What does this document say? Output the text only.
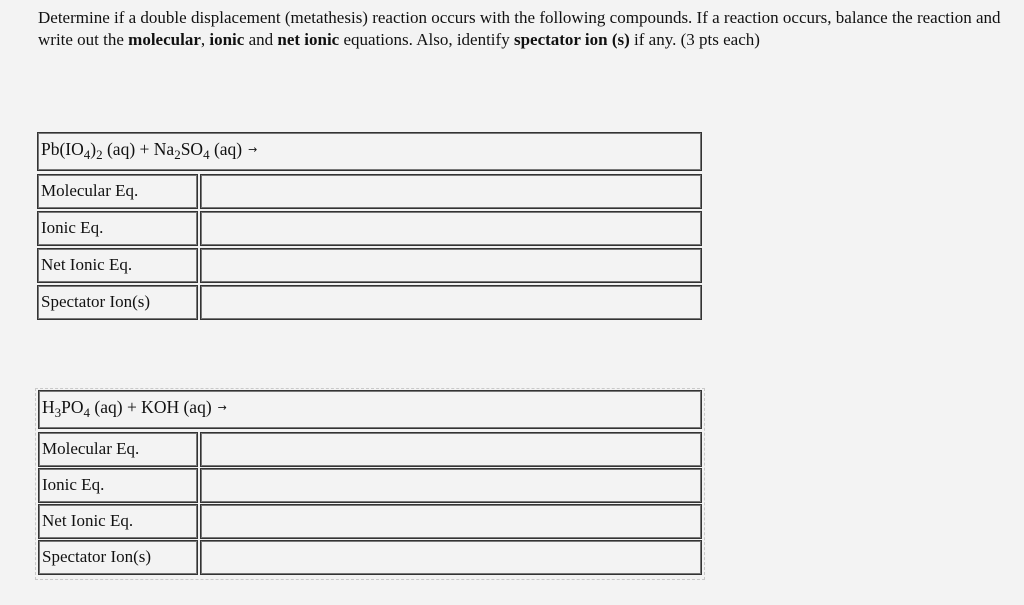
Determine if a double displacement (metathesis) reaction occurs with the following compounds. If a reaction occurs, balance the reaction and write out the molecular, ionic and net ionic equations. Also, identify spectator ion (s) if any. (3 pts each)
$Pb(IO_4)_2$ $(aq) + Na_2SO_4$ (aq) →
Molecular Eq.
Ionic Eq.
Net Ionic Eq.
Spectator Ion(s)
$H_3PO_4$ (aq) + KOH (aq) →
Molecular Eq.
Ionic Eq.
Net Ionic Eq.
Spectator Ion(s)
